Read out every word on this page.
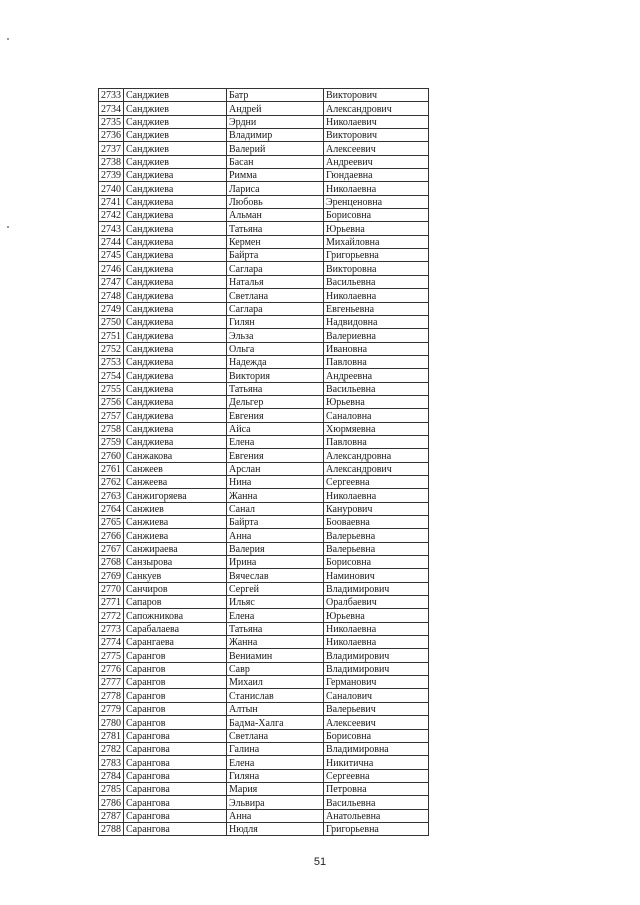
2733	Санджиев	Батр	Викторович
2734	Санджиев	Андрей	Александрович
2735	Санджиев	Эрдни	Николаевич
2736	Санджиев	Владимир	Викторович
2737	Санджиев	Валерий	Алексеевич
2738	Санджиев	Басан	Андреевич
2739	Санджиева	Римма	Гюндаевна
2740	Санджиева	Лариса	Николаевна
2741	Санджиева	Любовь	Эренценовна
2742	Санджиева	Альман	Борисовна
2743	Санджиева	Татьяна	Юрьевна
2744	Санджиева	Кермен	Михайловна
2745	Санджиева	Байрта	Григорьевна
2746	Санджиева	Саглара	Викторовна
2747	Санджиева	Наталья	Васильевна
2748	Санджиева	Светлана	Николаевна
2749	Санджиева	Саглара	Евгеньевна
2750	Санджиева	Гилян	Надвидовна
2751	Санджиева	Эльза	Валериевна
2752	Санджиева	Ольга	Ивановна
2753	Санджиева	Надежда	Павловна
2754	Санджиева	Виктория	Андреевна
2755	Санджиева	Татьяна	Васильевна
2756	Санджиева	Дельгер	Юрьевна
2757	Санджиева	Евгения	Саналовна
2758	Санджиева	Айса	Хюрмяевна
2759	Санджиева	Елена	Павловна
2760	Санжакова	Евгения	Александровна
2761	Санжеев	Арслан	Александрович
2762	Санжеева	Нина	Сергеевна
2763	Санжигоряева	Жанна	Николаевна
2764	Санжиев	Санал	Канурович
2765	Санжиева	Байрта	Боовaевна
2766	Санжиева	Анна	Валерьевна
2767	Санжираева	Валерия	Валерьевна
2768	Санзырова	Ирина	Борисовна
2769	Санкуев	Вячеслав	Наминович
2770	Санчиров	Сергей	Владимирович
2771	Сапаров	Ильяс	Оралбаевич
2772	Сапожникова	Елена	Юрьевна
2773	Сарабалаева	Татьяна	Николаевна
2774	Сарангаева	Жанна	Николаевна
2775	Сарангов	Вениамин	Владимирович
2776	Сарангов	Савр	Владимирович
2777	Сарангов	Михаил	Германович
2778	Сарангов	Станислав	Саналович
2779	Сарангов	Алтын	Валерьевич
2780	Сарангов	Бадма-Халга	Алексеевич
2781	Сарангова	Светлана	Борисовна
2782	Сарангова	Галина	Владимировна
2783	Сарангова	Елена	Никитична
2784	Сарангова	Гиляна	Сергеевна
2785	Сарангова	Мария	Петровна
2786	Сарангова	Эльвира	Васильевна
2787	Сарангова	Анна	Анатольевна
2788	Сарангова	Нюдля	Григорьевна
51
